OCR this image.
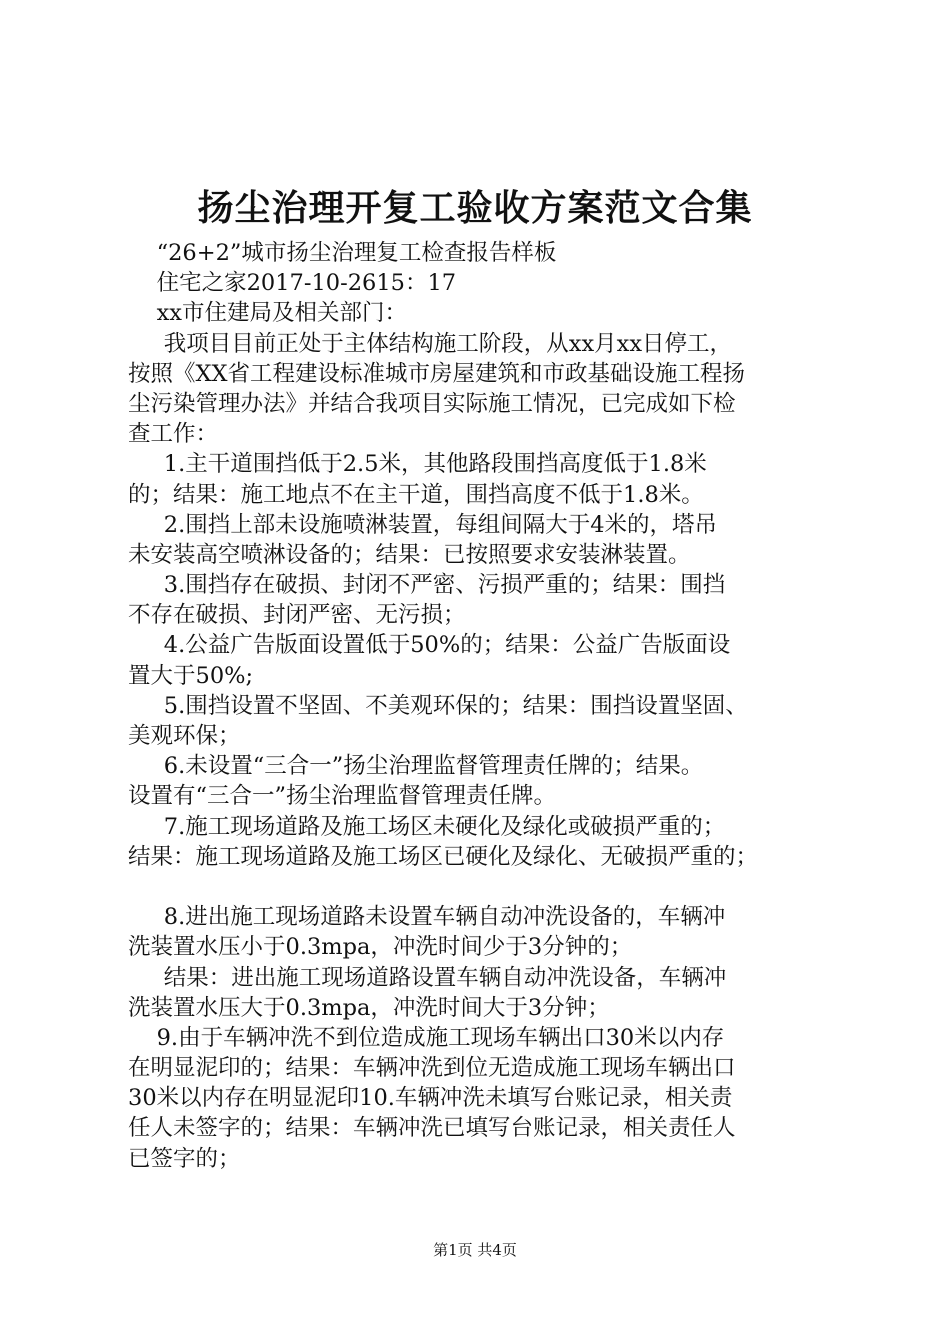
扬尘治理开复工验收方案范文合集
“26+2”城市扬尘治理复工检查报告样板
住宅之家2017-10-2615：17
xx市住建局及相关部门：
我项目目前正处于主体结构施工阶段，从xx月xx日停工，
按照《XX省工程建设标准城市房屋建筑和市政基础设施工程扬
尘污染管理办法》并结合我项目实际施工情况，已完成如下检
查工作：
1.主干道围挡低于2.5米，其他路段围挡高度低于1.8米
的；结果：施工地点不在主干道，围挡高度不低于1.8米。
2.围挡上部未设施喷淋装置，每组间隔大于4米的，塔吊
未安装高空喷淋设备的；结果：已按照要求安装淋装置。
3.围挡存在破损、封闭不严密、污损严重的；结果：围挡
不存在破损、封闭严密、无污损；
4.公益广告版面设置低于50%的；结果：公益广告版面设
置大于50%;
5.围挡设置不坚固、不美观环保的；结果：围挡设置坚固、
美观环保；
6.未设置“三合一”扬尘治理监督管理责任牌的；结果。
设置有“三合一”扬尘治理监督管理责任牌。
7.施工现场道路及施工场区未硬化及绿化或破损严重的；
结果：施工现场道路及施工场区已硬化及绿化、无破损严重的；
8.进出施工现场道路未设置车辆自动冲洗设备的，车辆冲
洗装置水压小于0.3mpa，冲洗时间少于3分钟的；
结果：进出施工现场道路设置车辆自动冲洗设备，车辆冲
洗装置水压大于0.3mpa，冲洗时间大于3分钟；
9.由于车辆冲洗不到位造成施工现场车辆出口30米以内存
在明显泥印的；结果：车辆冲洗到位无造成施工现场车辆出口
30米以内存在明显泥印10.车辆冲洗未填写台账记录，相关责
任人未签字的；结果：车辆冲洗已填写台账记录，相关责任人
已签字的；
第1页 共4页
